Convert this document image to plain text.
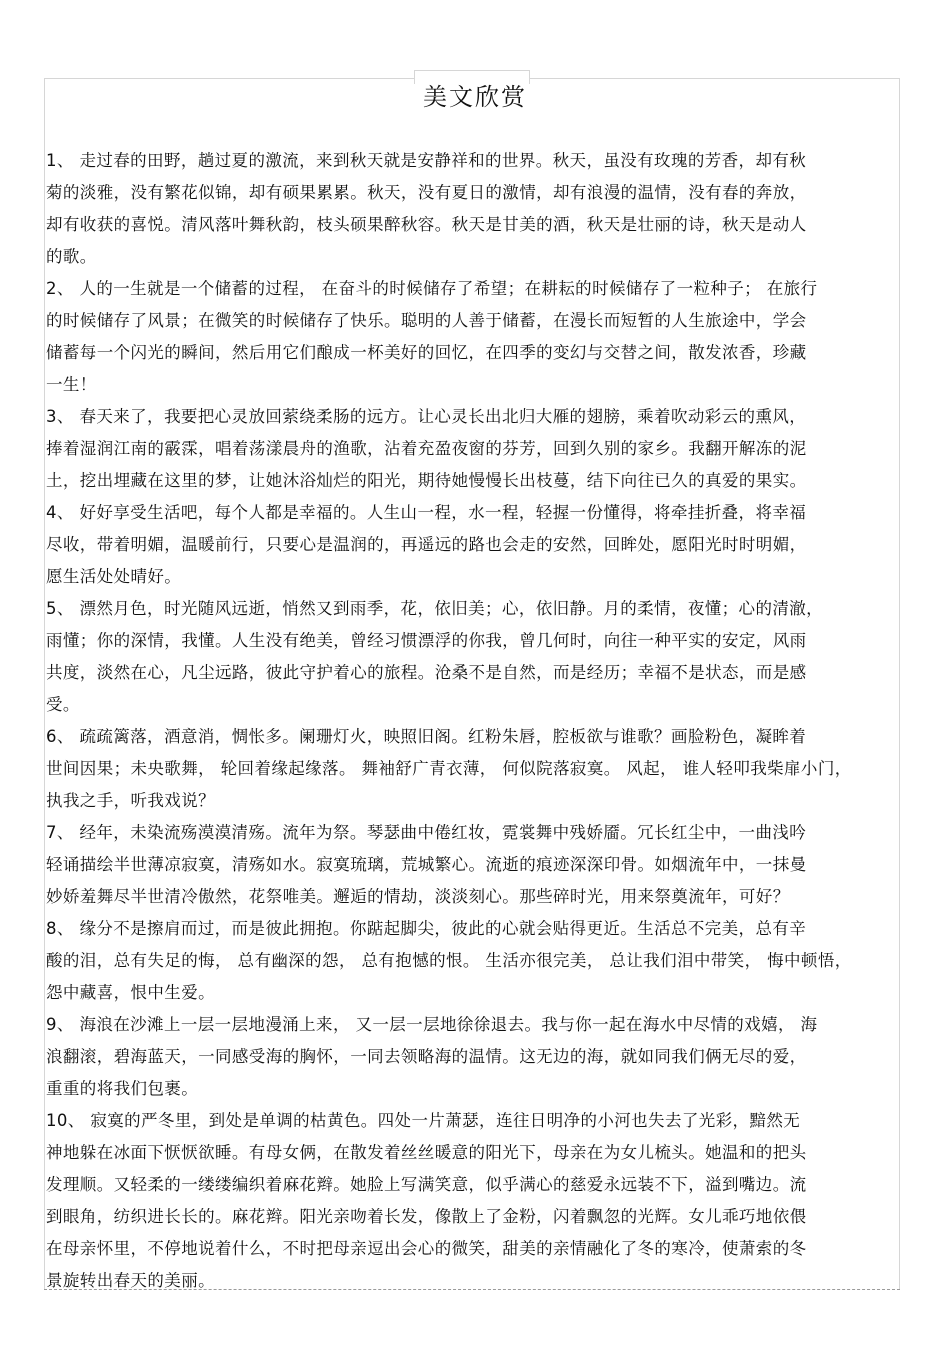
美文欣赏
1、 走过春的田野，趟过夏的激流，来到秋天就是安静祥和的世界。秋天，虽没有玫瑰的芳香，却有秋
菊的淡雅，没有繁花似锦，却有硕果累累。秋天，没有夏日的激情，却有浪漫的温情，没有春的奔放，
却有收获的喜悦。清风落叶舞秋韵，枝头硕果醉秋容。秋天是甘美的酒，秋天是壮丽的诗，秋天是动人
的歌。
2、 人的一生就是一个储蓄的过程， 在奋斗的时候储存了希望；在耕耘的时候储存了一粒种子； 在旅行
的时候储存了风景；在微笑的时候储存了快乐。聪明的人善于储蓄，在漫长而短暂的人生旅途中，学会
储蓄每一个闪光的瞬间，然后用它们酿成一杯美好的回忆，在四季的变幻与交替之间，散发浓香，珍藏
一生！
3、 春天来了，我要把心灵放回萦绕柔肠的远方。让心灵长出北归大雁的翅膀，乘着吹动彩云的熏风，
捧着湿润江南的霰霂，唱着荡漾晨舟的渔歌，沾着充盈夜窗的芬芳，回到久别的家乡。我翻开解冻的泥
土，挖出埋藏在这里的梦，让她沐浴灿烂的阳光，期待她慢慢长出枝蔓，结下向往已久的真爱的果实。
4、 好好享受生活吧，每个人都是幸福的。人生山一程，水一程，轻握一份懂得，将牵挂折叠，将幸福
尽收，带着明媚，温暖前行，只要心是温润的，再遥远的路也会走的安然，回眸处，愿阳光时时明媚，
愿生活处处晴好。
5、 漂然月色，时光随风远逝，悄然又到雨季，花，依旧美；心，依旧静。月的柔情，夜懂；心的清澈，
雨懂；你的深情，我懂。人生没有绝美，曾经习惯漂浮的你我，曾几何时，向往一种平实的安定，风雨
共度，淡然在心，凡尘远路，彼此守护着心的旅程。沧桑不是自然，而是经历；幸福不是状态，而是感
受。
6、 疏疏篱落，酒意消，惆怅多。阑珊灯火，映照旧阁。红粉朱唇，腔板欲与谁歌？画脸粉色，凝眸着
世间因果；未央歌舞， 轮回着缘起缘落。 舞袖舒广青衣薄， 何似院落寂寞。 风起， 谁人轻叩我柴扉小门，
执我之手，听我戏说？
7、 经年，未染流殇漠漠清殇。流年为祭。琴瑟曲中倦红妆，霓裳舞中残娇靥。冗长红尘中，一曲浅吟
轻诵描绘半世薄凉寂寞，清殇如水。寂寞琉璃，荒城繁心。流逝的痕迹深深印骨。如烟流年中，一抹曼
妙娇羞舞尽半世清冷傲然，花祭唯美。邂逅的情劫，淡淡刻心。那些碎时光，用来祭奠流年，可好？
8、 缘分不是擦肩而过，而是彼此拥抱。你踮起脚尖，彼此的心就会贴得更近。生活总不完美，总有辛
酸的泪，总有失足的悔， 总有幽深的怨， 总有抱憾的恨。 生活亦很完美， 总让我们泪中带笑， 悔中顿悟，
怨中藏喜，恨中生爱。
9、 海浪在沙滩上一层一层地漫涌上来， 又一层一层地徐徐退去。我与你一起在海水中尽情的戏嬉， 海
浪翻滚，碧海蓝天，一同感受海的胸怀，一同去领略海的温情。这无边的海，就如同我们俩无尽的爱，
重重的将我们包裹。
10、 寂寞的严冬里，到处是单调的枯黄色。四处一片萧瑟，连往日明净的小河也失去了光彩，黯然无
神地躲在冰面下恹恹欲睡。有母女俩，在散发着丝丝暖意的阳光下，母亲在为女儿梳头。她温和的把头
发理顺。又轻柔的一缕缕编织着麻花辫。她脸上写满笑意，似乎满心的慈爱永远装不下，溢到嘴边。流
到眼角，纺织进长长的。麻花辫。阳光亲吻着长发，像散上了金粉，闪着飘忽的光辉。女儿乖巧地依偎
在母亲怀里，不停地说着什么，不时把母亲逗出会心的微笑，甜美的亲情融化了冬的寒冷，使萧索的冬
景旋转出春天的美丽。
